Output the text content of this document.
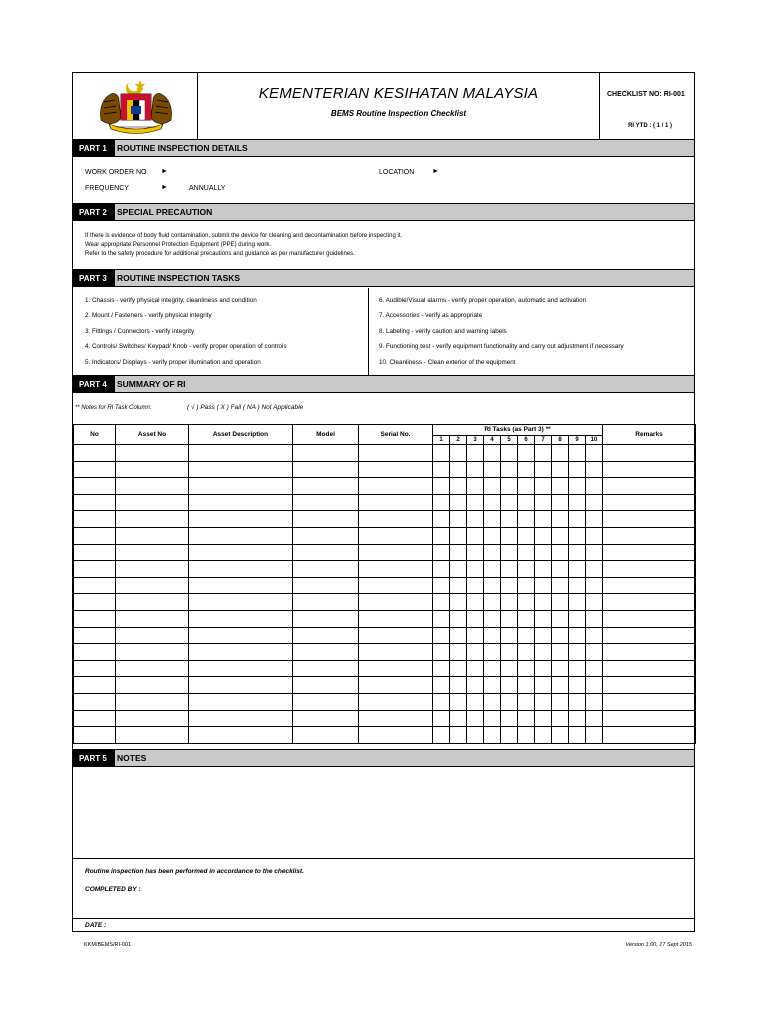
KEMENTERIAN KESIHATAN MALAYSIA
BEMS Routine Inspection Checklist
CHECKLIST NO: RI-001
RI YTD : ( 1 / 1 )
PART 1	ROUTINE INSPECTION DETAILS
WORK ORDER NO ►	LOCATION	►
FREQUENCY	►	ANNUALLY
PART 2	SPECIAL PRECAUTION
If there is evidence of body fluid contamination, submit the device for cleaning and decontamination before inspecting it.
Wear appropriate Personnel Protection Equipment (PPE) during work.
Refer to the safety procedure for additional precautions and guidance as per manufacturer guidelines.
PART 3	ROUTINE INSPECTION TASKS
1. Chassis - verify physical integrity, cleanliness and condition
2. Mount / Fasteners - verify physical integrity
3. Fittings / Connectors - verify integrity
4. Controls/ Switches/ Keypad/ Knob - verify proper operation of controls
5. Indicators/ Displays - verify proper illumination and operation
6. Audible/Visual alarms - verify proper operation, automatic and activation
7. Accessories - verify as appropriate
8. Labeling - verify caution and warning labels
9. Functioning test - verify equipment functionality and carry out adjustment if necessary
10. Cleanliness - Clean exterior of the equipment
PART 4	SUMMARY OF RI
** Notes for RI Task Column:	( √ ) Pass ( X ) Fail ( NA ) Not Applicable
No	Asset No	Asset Description	Model	Serial No.	RI Tasks (as Part 3) **										Remarks
					1	2	3	4	5	6	7	8	9	10	

PART 5	NOTES
Routine inspection has been performed in accordance to the checklist.
COMPLETED BY :
DATE :
KKM/BEMS/RI-001	Version 1.00, 17 Sept 2015
